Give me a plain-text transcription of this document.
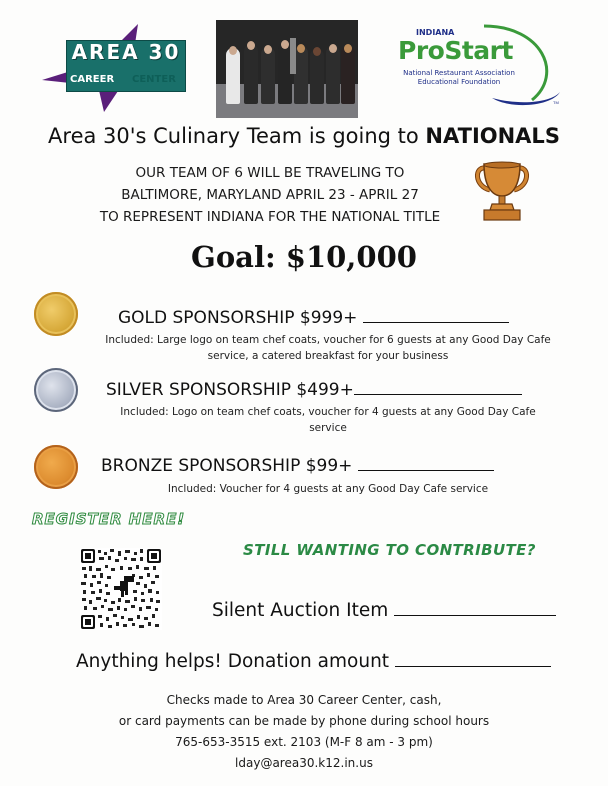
AREA 30
CAREER CENTER
INDIANA
ProStart
National Restaurant Association
Educational Foundation
TM
Area 30's Culinary Team is going to NATIONALS
OUR TEAM OF 6 WILL BE TRAVELING TO
BALTIMORE, MARYLAND APRIL 23 - APRIL 27
TO REPRESENT INDIANA FOR THE NATIONAL TITLE
Goal: $10,000
GOLD SPONSORSHIP $999+
Included: Large logo on team chef coats, voucher for 6 guests at any Good Day Cafe
service, a catered breakfast for your business
SILVER SPONSORSHIP $499+
Included: Logo on team chef coats, voucher for 4 guests at any Good Day Cafe
service
BRONZE SPONSORSHIP $99+
Included: Voucher for 4 guests at any Good Day Cafe service
REGISTER HERE!
STILL WANTING TO CONTRIBUTE?
Silent Auction Item
Anything helps! Donation amount
Checks made to Area 30 Career Center, cash,
or card payments can be made by phone during school hours
765-653-3515 ext. 2103 (M-F 8 am - 3 pm)
lday@area30.k12.in.us
